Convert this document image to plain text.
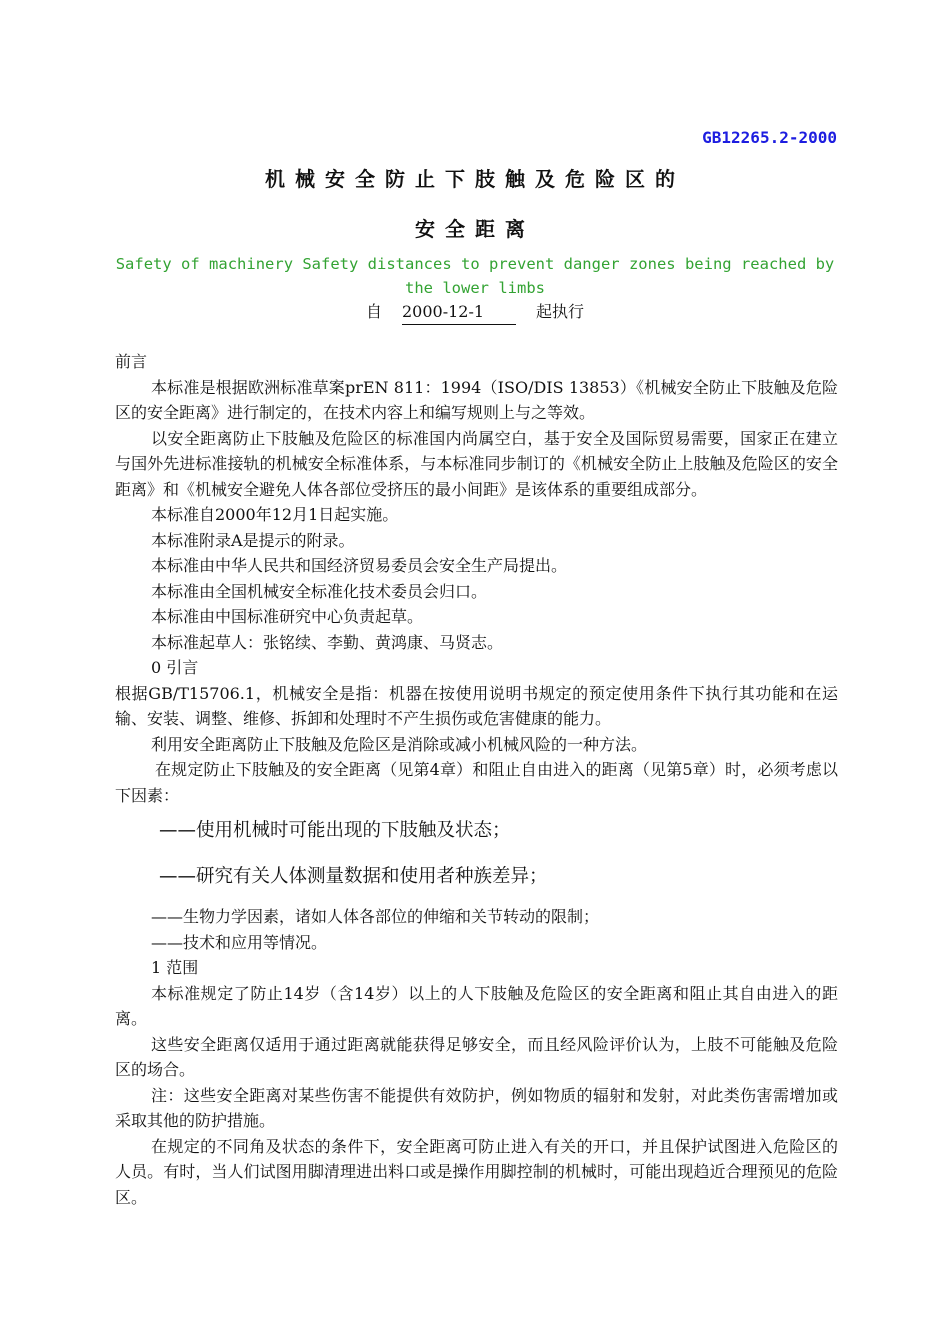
GB12265.2-2000
机械安全防止下肢触及危险区的
安全距离
Safety of machinery Safety distances to prevent danger zones being reached by the lower limbs
自 2000-12-1	起执行

前言

本标准是根据欧洲标准草案prEN 811：1994（ISO/DIS 13853）《机械安全防止下肢触及危险区的安全距离》进行制定的，在技术内容上和编写规则上与之等效。

以安全距离防止下肢触及危险区的标准国内尚属空白，基于安全及国际贸易需要，国家正在建立与国外先进标准接轨的机械安全标准体系，与本标准同步制订的《机械安全防止上肢触及危险区的安全距离》和《机械安全避免人体各部位受挤压的最小间距》是该体系的重要组成部分。

本标准自2000年12月1日起实施。

本标准附录A是提示的附录。

本标准由中华人民共和国经济贸易委员会安全生产局提出。

本标准由全国机械安全标准化技术委员会归口。

本标准由中国标准研究中心负责起草。

本标准起草人：张铭续、李勤、黄鸿康、马贤志。

0 引言

根据GB/T15706.1，机械安全是指：机器在按使用说明书规定的预定使用条件下执行其功能和在运输、安装、调整、维修、拆卸和处理时不产生损伤或危害健康的能力。

利用安全距离防止下肢触及危险区是消除或减小机械风险的一种方法。

在规定防止下肢触及的安全距离（见第4章）和阻止自由进入的距离（见第5章）时，必须考虑以下因素：

——使用机械时可能出现的下肢触及状态；

——研究有关人体测量数据和使用者种族差异；

——生物力学因素，诸如人体各部位的伸缩和关节转动的限制；

——技术和应用等情况。

1 范围

本标准规定了防止14岁（含14岁）以上的人下肢触及危险区的安全距离和阻止其自由进入的距离。

这些安全距离仅适用于通过距离就能获得足够安全，而且经风险评价认为，上肢不可能触及危险区的场合。

注：这些安全距离对某些伤害不能提供有效防护，例如物质的辐射和发射，对此类伤害需增加或采取其他的防护措施。

在规定的不同角及状态的条件下，安全距离可防止进入有关的开口，并且保护试图进入危险区的人员。有时，当人们试图用脚清理进出料口或是操作用脚控制的机械时，可能出现趋近合理预见的危险区。
